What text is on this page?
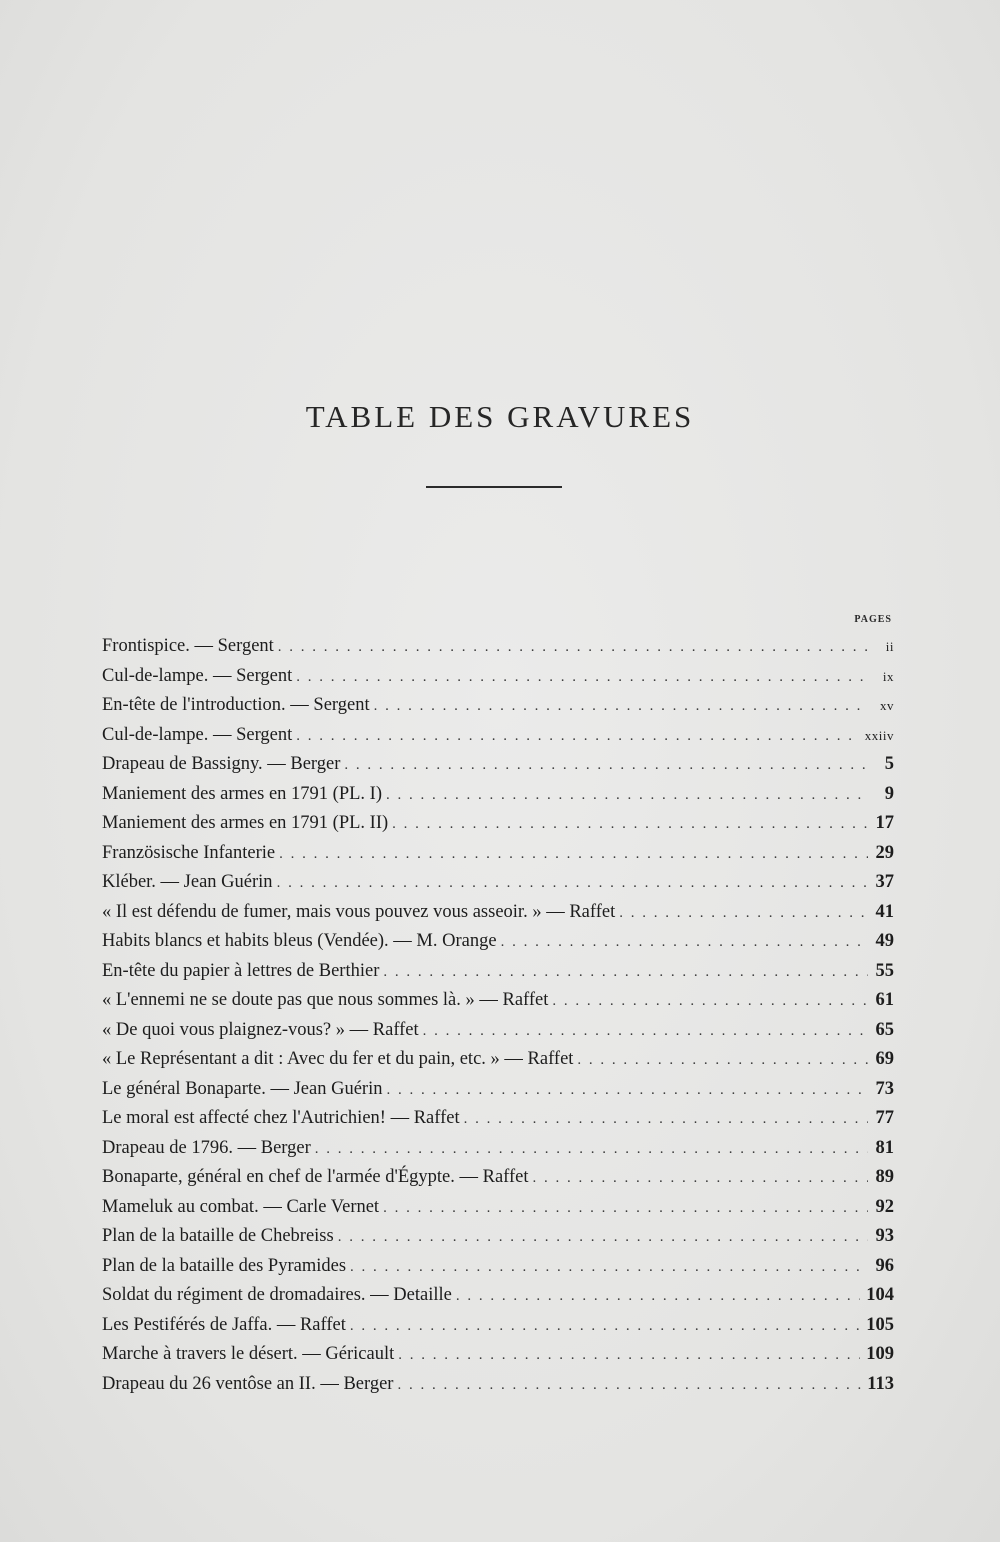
TABLE DES GRAVURES
PAGES
Frontispice. — Sergent . . .	ii
Cul-de-lampe. — Sergent . . .	ix
En-tête de l'introduction. — Sergent . . .	xv
Cul-de-lampe. — Sergent . . .	xxiiv
Drapeau de Bassigny. — Berger . . .	5
Maniement des armes en 1791 (PL. I) . . .	9
Maniement des armes en 1791 (PL. II) . . .	17
Französische Infanterie . . .	29
Kléber. — Jean Guérin . . .	37
« Il est défendu de fumer, mais vous pouvez vous asseoir. » — Raffet . . .	41
Habits blancs et habits bleus (Vendée). — M. Orange . . .	49
En-tête du papier à lettres de Berthier . . .	55
« L'ennemi ne se doute pas que nous sommes là. » — Raffet . . .	61
« De quoi vous plaignez-vous? » — Raffet . . .	65
« Le Représentant a dit : Avec du fer et du pain, etc. » — Raffet . . .	69
Le général Bonaparte. — Jean Guérin . . .	73
Le moral est affecté chez l'Autrichien! — Raffet . . .	77
Drapeau de 1796. — Berger . . .	81
Bonaparte, général en chef de l'armée d'Égypte. — Raffet . . .	89
Mameluk au combat. — Carle Vernet . . .	92
Plan de la bataille de Chebreiss . . .	93
Plan de la bataille des Pyramides . . .	96
Soldat du régiment de dromadaires. — Detaille . . .	104
Les Pestiférés de Jaffa. — Raffet . . .	105
Marche à travers le désert. — Géricault . . .	109
Drapeau du 26 ventôse an II. — Berger . . .	113
